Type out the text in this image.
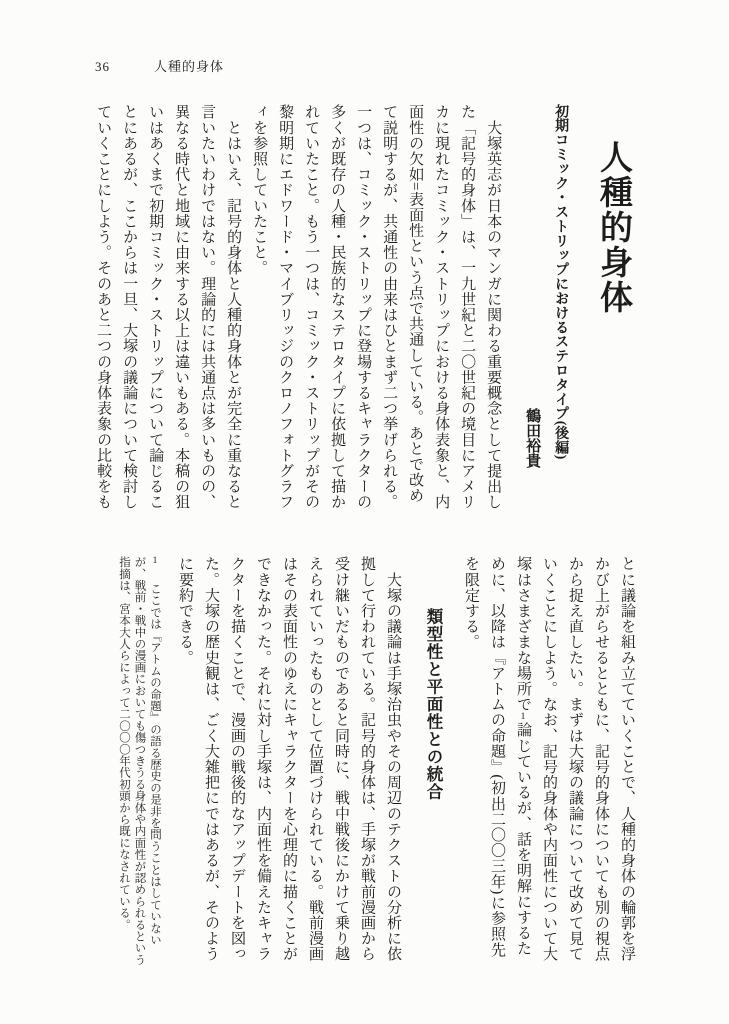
36	人種的身体
人種的身体
初期コミック・ストリップにおけるステロタイプ(後編)
鶴田裕貴

　大塚英志が日本のマンガに関わる重要概念として提出した「記号的身体」は、一九世紀と二〇世紀の境目にアメリカに現れたコミック・ストリップにおける身体表象と、内面性の欠如=表面性という点で共通している。あとで改めて説明するが、共通性の由来はひとまず二つ挙げられる。一つは、コミック・ストリップに登場するキャラクターの多くが既存の人種・民族的なステロタイプに依拠して描かれていたこと。もう一つは、コミック・ストリップがその黎明期にエドワード・マイブリッジのクロノフォトグラフィを参照していたこと。

　とはいえ、記号的身体と人種的身体とが完全に重なると言いたいわけではない。理論的には共通点は多いものの、異なる時代と地域に由来する以上は違いもある。本稿の狙いはあくまで初期コミック・ストリップについて論じることにあるが、ここからは一旦、大塚の議論について検討していくことにしよう。そのあと二つの身体表象の比較をも

とに議論を組み立てていくことで、人種的身体の輪郭を浮かび上がらせるとともに、記号的身体についても別の視点から捉え直したい。まずは大塚の議論について改めて見ていくことにしよう。なお、記号的身体や内面性について大塚はさまざまな場所で1論じているが、話を明解にするために、以降は『アトムの命題』(初出二〇〇三年)に参照先を限定する。

類型性と平面性との統合

　大塚の議論は手塚治虫やその周辺のテクストの分析に依拠して行われている。記号的身体は、手塚が戦前漫画から受け継いだものであると同時に、戦中戦後にかけて乗り越えられていったものとして位置づけられている。戦前漫画はその表面性のゆえにキャラクターを心理的に描くことができなかった。それに対し手塚は、内面性を備えたキャラクターを描くことで、漫画の戦後的なアップデートを図った。大塚の歴史観は、ごく大雑把にではあるが、そのように要約できる。

1　ここでは『アトムの命題』の語る歴史の是非を問うことはしていないが、戦前・戦中の漫画においても傷つきうる身体や内面性が認められるという指摘は、宮本大人らによって二〇〇〇年代初頭から既になされている。
